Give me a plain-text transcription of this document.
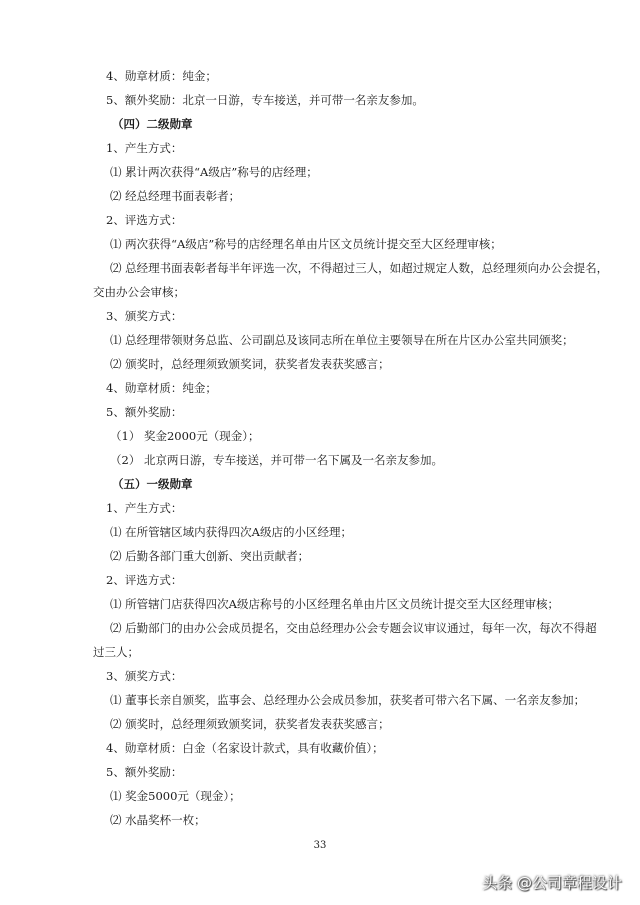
4、勋章材质：纯金；
5、额外奖励：北京一日游，专车接送，并可带一名亲友参加。
（四）二级勋章
1、产生方式：
⑴ 累计两次获得“A级店”称号的店经理；
⑵ 经总经理书面表彰者；
2、评选方式：
⑴ 两次获得“A级店”称号的店经理名单由片区文员统计提交至大区经理审核；
⑵ 总经理书面表彰者每半年评选一次，不得超过三人，如超过规定人数，总经理须向办公会提名，
交由办公会审核；
3、颁奖方式：
⑴ 总经理带领财务总监、公司副总及该同志所在单位主要领导在所在片区办公室共同颁奖；
⑵ 颁奖时，总经理须致颁奖词，获奖者发表获奖感言；
4、勋章材质：纯金；
5、额外奖励：
（1） 奖金2000元（现金）；
（2） 北京两日游，专车接送，并可带一名下属及一名亲友参加。
（五）一级勋章
1、产生方式：
⑴ 在所管辖区域内获得四次A级店的小区经理；
⑵ 后勤各部门重大创新、突出贡献者；
2、评选方式：
⑴ 所管辖门店获得四次A级店称号的小区经理名单由片区文员统计提交至大区经理审核；
⑵ 后勤部门的由办公会成员提名，交由总经理办公会专题会议审议通过，每年一次，每次不得超
过三人；
3、颁奖方式：
⑴ 董事长亲自颁奖，监事会、总经理办公会成员参加，获奖者可带六名下属、一名亲友参加；
⑵ 颁奖时，总经理须致颁奖词，获奖者发表获奖感言；
4、勋章材质：白金（名家设计款式，具有收藏价值）；
5、额外奖励：
⑴ 奖金5000元（现金）；
⑵ 水晶奖杯一枚；
33
头条 @公司章程设计
